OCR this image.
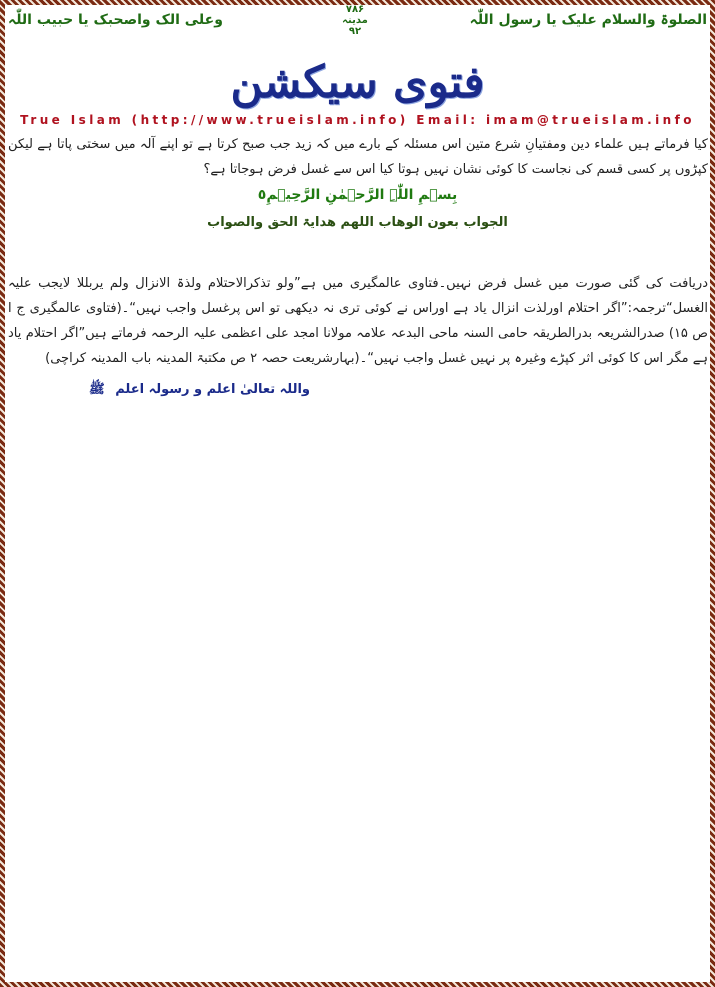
الصلوۃ والسلام علیک یا رسول اللّٰہ
۷۸۶
مدینہ
۹۲
وعلی الک واصحبک یا حبیب اللّٰہ
فتوی سیکشن
True Islam (http://www.trueislam.info) Email: imam@trueislam.info
کیا فرماتے ہیں علماء دین ومفتیانِ شرع متین اس مسئلہ کے بارے میں کہ زید جب صبح کرتا ہے تو اپنے آلہ میں سختی پاتا ہے لیکن کپڑوں پر کسی قسم کی نجاست کا کوئی نشان نہیں ہوتا کیا اس سے غسل فرض ہوجاتا ہے؟
بِسۡمِ اللّٰہِ الرَّحۡمٰنِ الرَّحِیۡمِ٥
الجواب بعون الوھاب اللھم ھدایۃ الحق والصواب
دریافت کی گئی صورت میں غسل فرض نہیں۔فتاوی عالمگیری میں ہے”ولو تذکرالاحتلام ولذۃ الانزال ولم یربللا لایجب علیہ الغسل“ترجمہ:”اگر احتلام اورلذت انزال یاد ہے اوراس نے کوئی تری نہ دیکھی تو اس پرغسل واجب نہیں“۔(فتاوی عالمگیری ج ا ص ۱۵) صدرالشریعہ بدرالطریقہ حامی السنہ ماحی البدعہ علامہ مولانا امجد علی اعظمی علیہ الرحمہ فرماتے ہیں”اگر احتلام یاد ہے مگر اس کا کوئی اثر کپڑے وغیرہ پر نہیں غسل واجب نہیں“۔(بہارشریعت حصہ ۲ ص مکتبۃ المدینہ باب المدینہ کراچی)
واللہ تعالیٰ اعلم و رسولہ اعلم ﷺ
